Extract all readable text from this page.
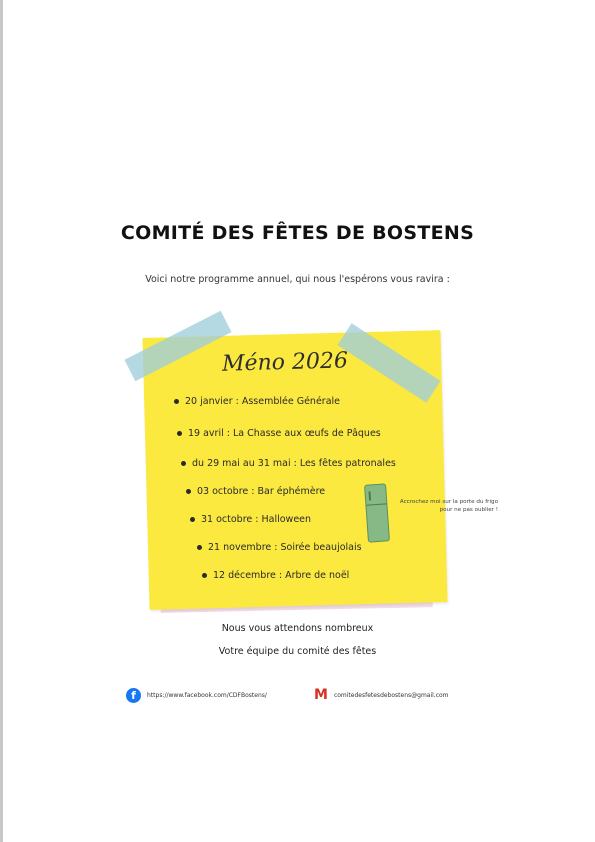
COMITÉ DES FÊTES DE BOSTENS
Voici notre programme annuel, qui nous l'espérons vous ravira :
Méno 2026
20 janvier : Assemblée Générale
19 avril : La Chasse aux œufs de Pâques
du 29 mai au 31 mai : Les fêtes patronales
03 octobre : Bar éphémère
31 octobre : Halloween
21 novembre : Soirée beaujolais
12 décembre : Arbre de noël
Accrochez moi sur la porte du frigo pour ne pas oublier !
Nous vous attendons nombreux
Votre équipe du comité des fêtes
f	https://www.facebook.com/CDFBostens/	M comitedesfetesdebostens@gmail.com
